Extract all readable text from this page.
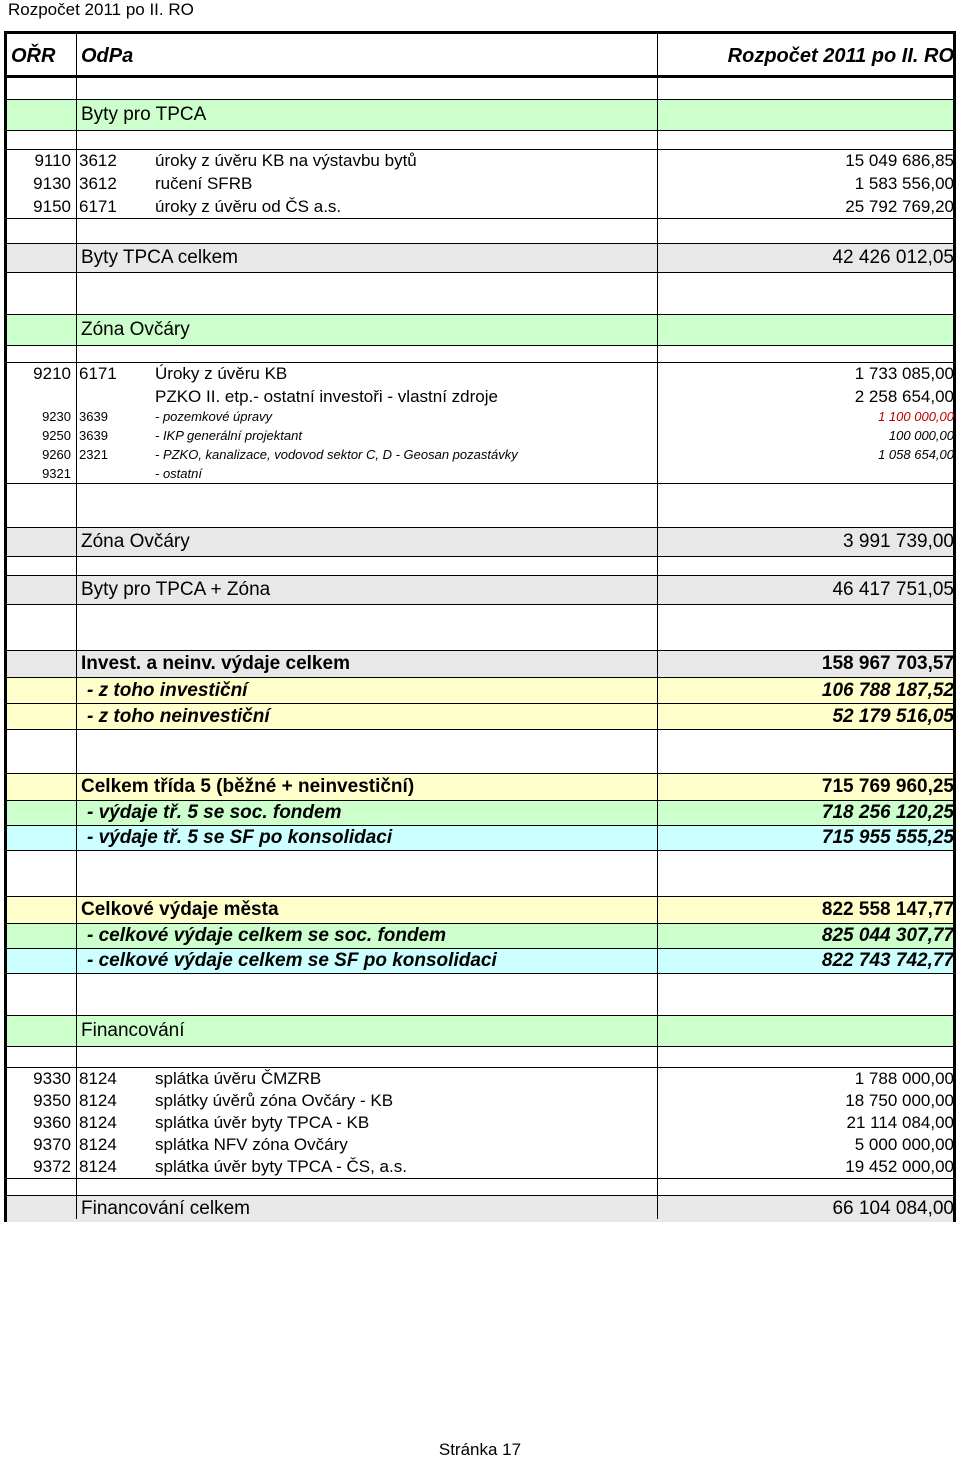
Rozpočet 2011 po II. RO
OŘR	OdPa	Rozpočet 2011 po II. RO
Byty pro TPCA
9110 3612	úroky z úvěru KB na výstavbu bytů	15 049 686,85
9130 3612	ručení SFRB	1 583 556,00
9150 6171	úroky z úvěru od ČS a.s.	25 792 769,20
Byty TPCA celkem	42 426 012,05
Zóna Ovčáry
9210 6171	Úroky z úvěru KB	1 733 085,00
PZKO II. etp.- ostatní investoři - vlastní zdroje	2 258 654,00
9230 3639	- pozemkové úpravy	1 100 000,00
9250 3639	- IKP generální projektant	100 000,00
9260 2321	- PZKO, kanalizace, vodovod sektor C, D - Geosan pozastávky	1 058 654,00
9321	- ostatní
Zóna Ovčáry	3 991 739,00
Byty pro TPCA + Zóna	46 417 751,05
Invest. a neinv. výdaje celkem	158 967 703,57
- z toho investiční	106 788 187,52
- z toho neinvestiční	52 179 516,05
Celkem třída 5 (běžné + neinvestiční)	715 769 960,25
- výdaje tř. 5 se soc. fondem	718 256 120,25
- výdaje tř. 5 se SF po konsolidaci	715 955 555,25
Celkové výdaje města	822 558 147,77
- celkové výdaje celkem se soc. fondem	825 044 307,77
- celkové výdaje celkem se SF po konsolidaci	822 743 742,77
Financování
9330 8124	splátka úvěru ČMZRB	1 788 000,00
9350 8124	splátky úvěrů zóna Ovčáry - KB	18 750 000,00
9360 8124	splátka úvěr byty TPCA - KB	21 114 084,00
9370 8124	splátka NFV zóna Ovčáry	5 000 000,00
9372 8124	splátka úvěr byty TPCA - ČS, a.s.	19 452 000,00
Financování celkem	66 104 084,00
Stránka 17
